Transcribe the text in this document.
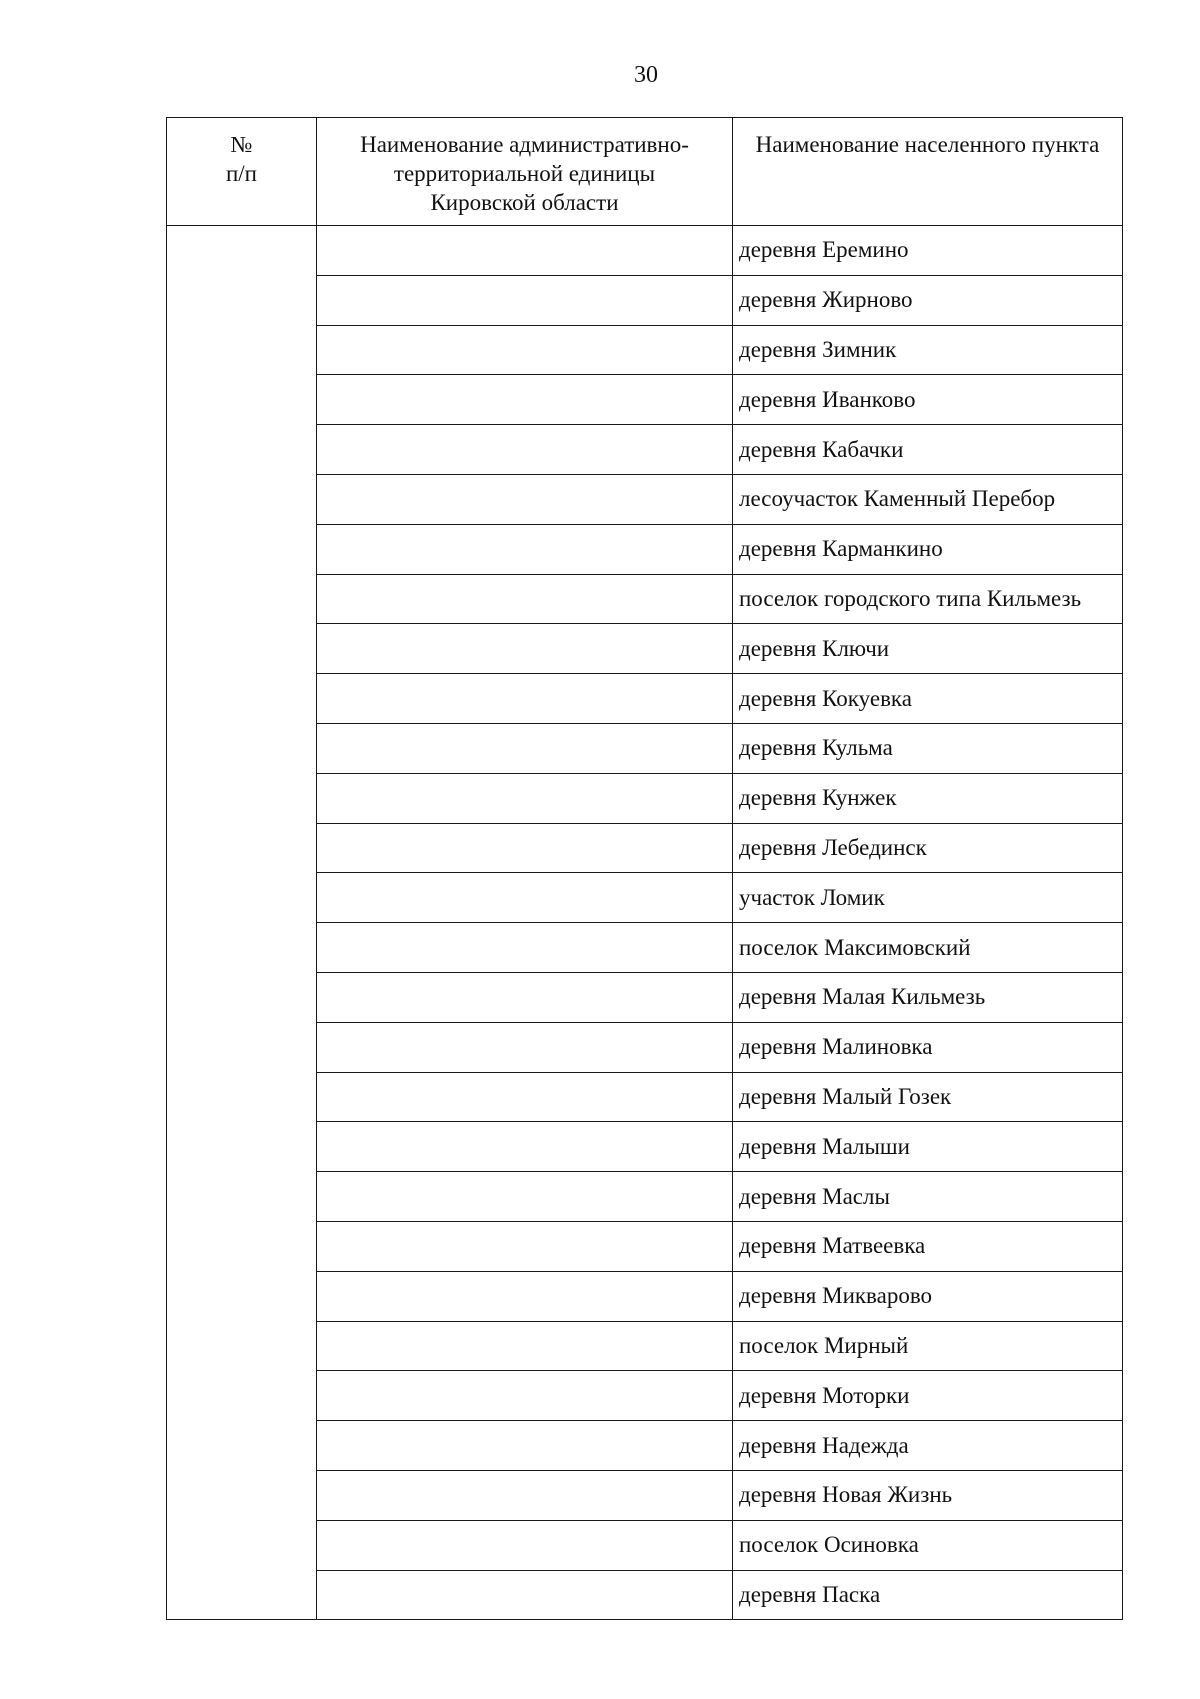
30
№
п/п	Наименование административно-
территориальной единицы
Кировской области	Наименование населенного пункта

		деревня Еремино
		деревня Жирново
		деревня Зимник
		деревня Иванково
		деревня Кабачки
		лесоучасток Каменный Перебор
		деревня Карманкино
		поселок городского типа Кильмезь
		деревня Ключи
		деревня Кокуевка
		деревня Кульма
		деревня Кунжек
		деревня Лебединск
		участок Ломик
		поселок Максимовский
		деревня Малая Кильмезь
		деревня Малиновка
		деревня Малый Гозек
		деревня Малыши
		деревня Маслы
		деревня Матвеевка
		деревня Микварово
		поселок Мирный
		деревня Моторки
		деревня Надежда
		деревня Новая Жизнь
		поселок Осиновка
		деревня Паска
